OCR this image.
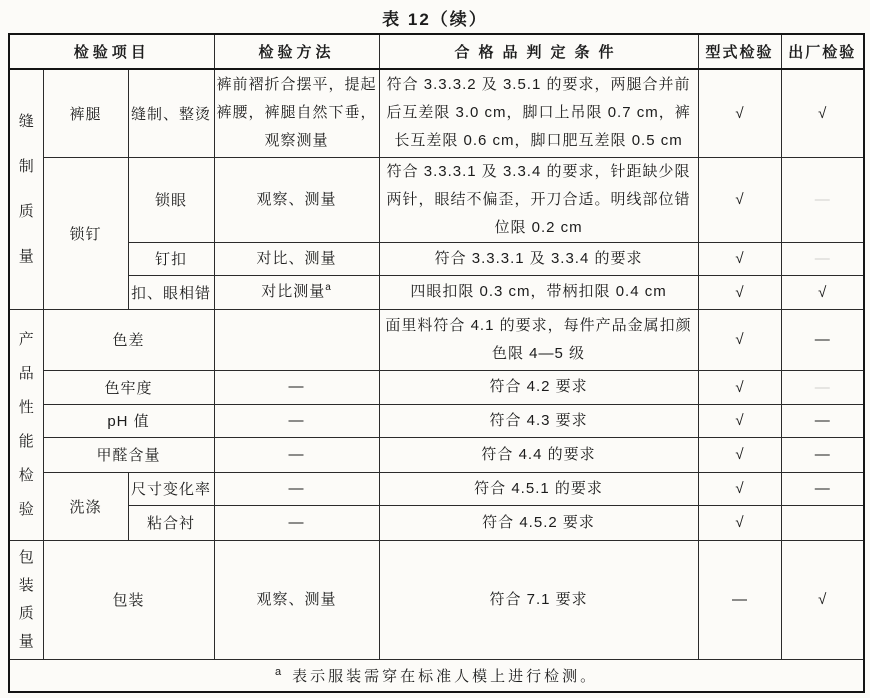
表 12（续）
检验项目			检验方法	合格品判定条件	型式检验	出厂检验
缝制质量	裤腿	缝制、整烫	裤前褶折合摆平，提起裤腰，裤腿自然下垂，观察测量	符合 3.3.3.2 及 3.5.1 的要求，两腿合并前后互差限 3.0 cm，脚口上吊限 0.7 cm，裤长互差限 0.6 cm，脚口肥互差限 0.5 cm	√	√
	锁钉	锁眼	观察、测量	符合 3.3.3.1 及 3.3.4 的要求，针距缺少限两针，眼结不偏歪，开刀合适。明线部位错位限 0.2 cm	√	—
		钉扣	对比、测量	符合 3.3.3.1 及 3.3.4 的要求	√	—
		扣、眼相错	对比测量$^a$	四眼扣限 0.3 cm，带柄扣限 0.4 cm	√	√
产品性能检验	色差			面里料符合 4.1 的要求，每件产品金属扣颜色限 4—5 级	√	—
	色牢度		—	符合 4.2 要求	√	—
	pH 值		—	符合 4.3 要求	√	—
	甲醛含量		—	符合 4.4 的要求	√	—
	洗涤	尺寸变化率	—	符合 4.5.1 的要求	√	—
		粘合衬	—	符合 4.5.2 要求	√	
包装质量	包装		观察、测量	符合 7.1 要求	—	√
$^a$ 表示服装需穿在标准人模上进行检测。						
